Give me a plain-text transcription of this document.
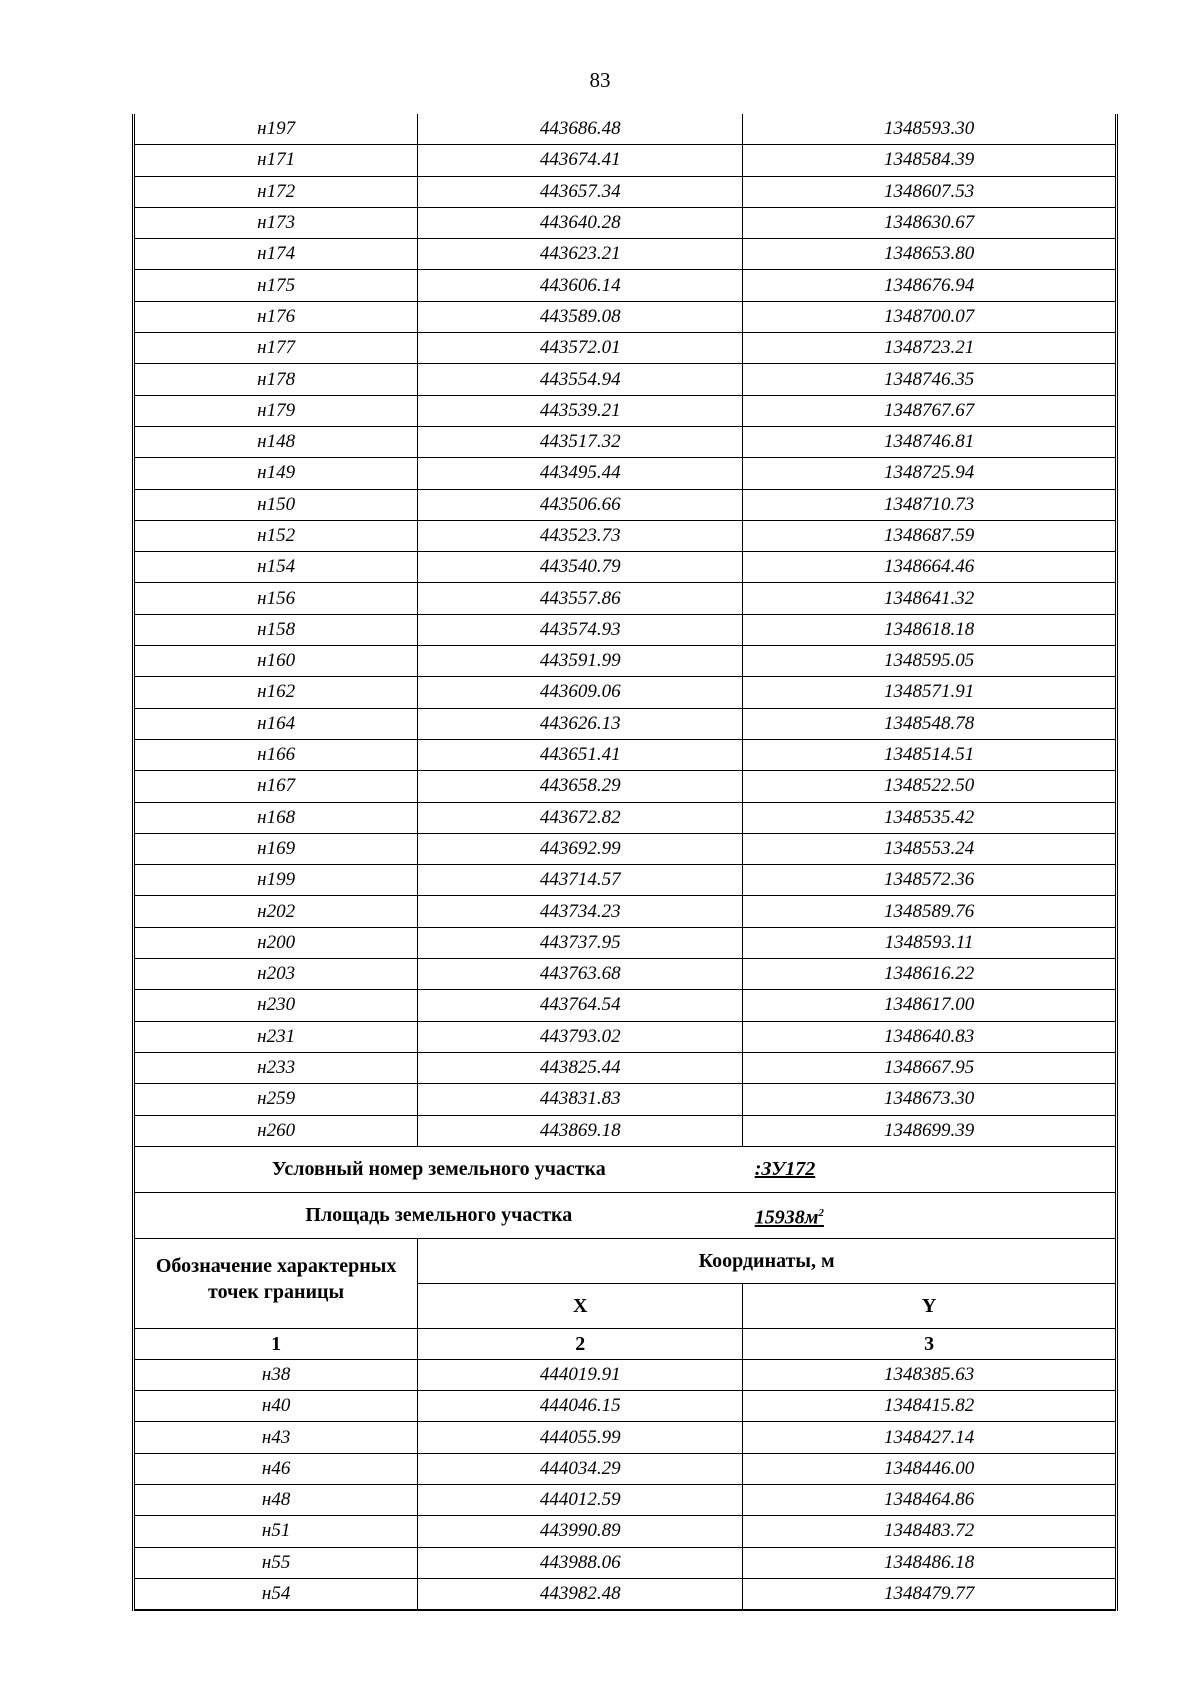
83
н197	443686.48	1348593.30
н171	443674.41	1348584.39
н172	443657.34	1348607.53
н173	443640.28	1348630.67
н174	443623.21	1348653.80
н175	443606.14	1348676.94
н176	443589.08	1348700.07
н177	443572.01	1348723.21
н178	443554.94	1348746.35
н179	443539.21	1348767.67
н148	443517.32	1348746.81
н149	443495.44	1348725.94
н150	443506.66	1348710.73
н152	443523.73	1348687.59
н154	443540.79	1348664.46
н156	443557.86	1348641.32
н158	443574.93	1348618.18
н160	443591.99	1348595.05
н162	443609.06	1348571.91
н164	443626.13	1348548.78
н166	443651.41	1348514.51
н167	443658.29	1348522.50
н168	443672.82	1348535.42
н169	443692.99	1348553.24
н199	443714.57	1348572.36
н202	443734.23	1348589.76
н200	443737.95	1348593.11
н203	443763.68	1348616.22
н230	443764.54	1348617.00
н231	443793.02	1348640.83
н233	443825.44	1348667.95
н259	443831.83	1348673.30
н260	443869.18	1348699.39
Условный номер земельного участка		:ЗУ172
Площадь земельного участка		$15938м^2$
Обозначение характерных точек границы	Координаты, м	
	X	Y
1	2	3
н38	444019.91	1348385.63
н40	444046.15	1348415.82
н43	444055.99	1348427.14
н46	444034.29	1348446.00
н48	444012.59	1348464.86
н51	443990.89	1348483.72
н55	443988.06	1348486.18
н54	443982.48	1348479.77
